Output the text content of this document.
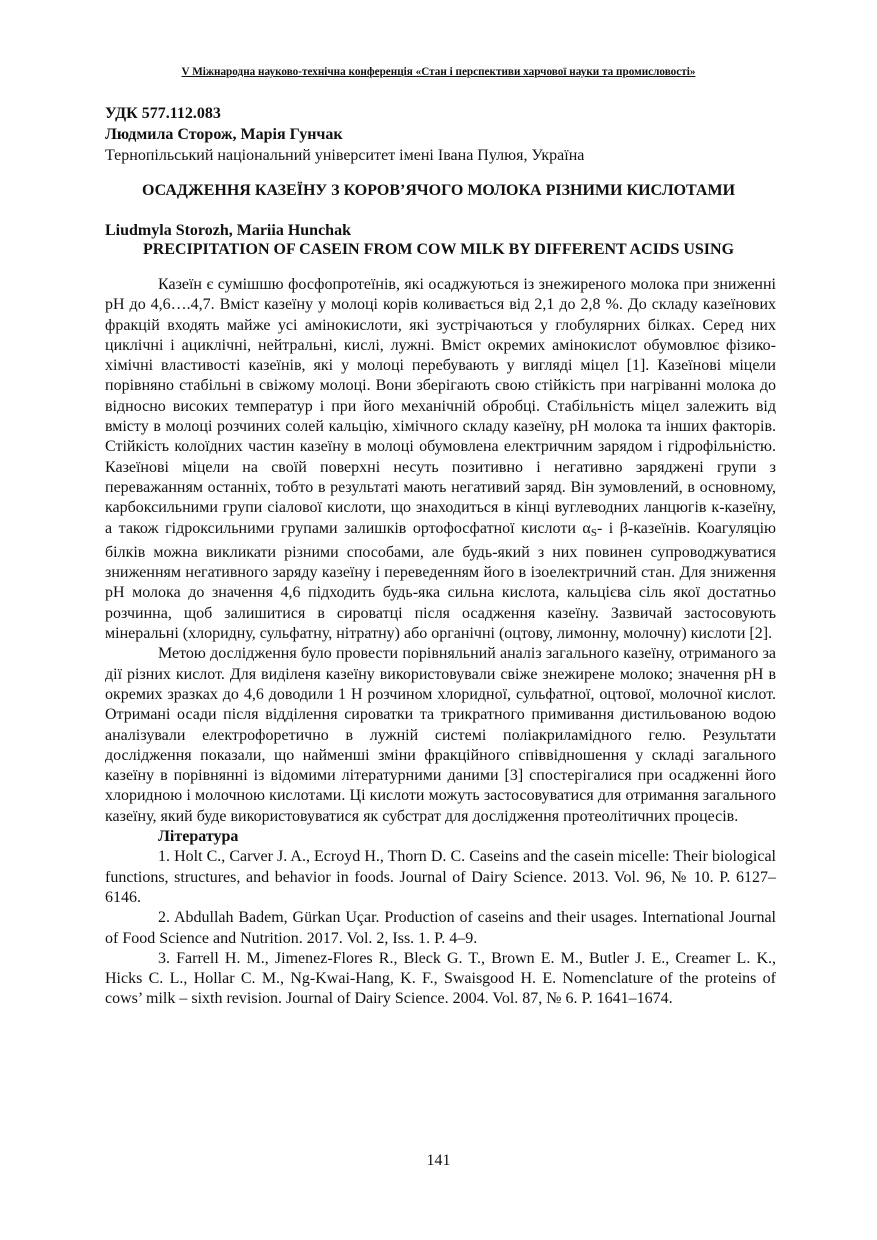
V Міжнародна науково-технічна конференція «Стан і перспективи харчової науки та промисловості»
УДК 577.112.083
Людмила Сторож, Марія Гунчак
Тернопільський національний університет імені Івана Пулюя, Україна
ОСАДЖЕННЯ КАЗЕЇНУ З КОРОВ’ЯЧОГО МОЛОКА РІЗНИМИ КИСЛОТАМИ
Liudmyla Storozh, Mariia Hunchak
PRECIPITATION OF CASEIN FROM COW MILK BY DIFFERENT ACIDS USING

Казеїн є сумішшю фосфопротеїнів, які осаджуються із знежиреного молока при зниженні рН до 4,6….4,7. Вміст казеїну у молоці корів коливається від 2,1 до 2,8 %. До складу казеїнових фракцій входять майже усі амінокислоти, які зустрічаються у глобулярних білках. Серед них циклічні і ациклічні, нейтральні, кислі, лужні. Вміст окремих амінокислот обумовлює фізико-хімічні властивості казеїнів, які у молоці перебувають у вигляді міцел [1]. Казеїнові міцели порівняно стабільні в свіжому молоці. Вони зберігають свою стійкість при нагріванні молока до відносно високих температур і при його механічній обробці. Стабільність міцел залежить від вмісту в молоці розчиних солей кальцію, хімічного складу казеїну, рН молока та інших факторів. Стійкість колоїдних частин казеїну в молоці обумовлена електричним зарядом і гідрофільністю. Казеїнові міцели на своїй поверхні несуть позитивно і негативно заряджені групи з переважанням останніх, тобто в результаті мають негативий заряд. Він зумовлений, в основному, карбоксильними групи сіалової кислоти, що знаходиться в кінці вуглеводних ланцюгів к-казеїну, а також гідроксильними групами залишків ортофосфатної кислоти $\alpha_S-$ і β-казеїнів. Коагуляцію білків можна викликати різними способами, але будь-який з них повинен супроводжуватися зниженням негативного заряду казеїну і переведенням його в ізоелектричний стан. Для зниження рН молока до значення 4,6 підходить будь-яка сильна кислота, кальцієва сіль якої достатньо розчинна, щоб залишитися в сироватці після осадження казеїну. Зазвичай застосовують мінеральні (хлоридну, сульфатну, нітратну) або органічні (оцтову, лимонну, молочну) кислоти [2].

Метою дослідження було провести порівняльний аналіз загального казеїну, отриманого за дії різних кислот. Для виділеня казеїну використовували свіже знежирене молоко; значення рН в окремих зразках до 4,6 доводили 1 Н розчином хлоридної, сульфатної, оцтової, молочної кислот. Отримані осади після відділення сироватки та трикратного примивання дистильованою водою аналізували електрофоретично в лужній системі поліакриламідного гелю. Результати дослідження показали, що найменші зміни фракційного співвідношення у складі загального казеїну в порівнянні із відомими літературними даними [3] спостерігалися при осадженні його хлоридною і молочною кислотами. Ці кислоти можуть застосовуватися для отримання загального казеїну, який буде використовуватися як субстрат для дослідження протеолітичних процесів.

Література
1. Holt C., Carver J. A., Ecroyd H., Thorn D. C. Caseins and the casein micelle: Their biological functions, structures, and behavior in foods. Journal of Dairy Science. 2013. Vol. 96, № 10. P. 6127–6146.
2. Abdullah Badem, Gürkan Uçar. Production of caseins and their usages. International Journal of Food Science and Nutrition. 2017. Vol. 2, Iss. 1. P. 4–9.
3. Farrell H. M., Jimenez-Flores R., Bleck G. T., Brown E. M., Butler J. E., Creamer L. K., Hicks C. L., Hollar C. M., Ng-Kwai-Hang, K. F., Swaisgood H. E. Nomenclature of the proteins of cows’ milk – sixth revision. Journal of Dairy Science. 2004. Vol. 87, № 6. P. 1641–1674.
141
